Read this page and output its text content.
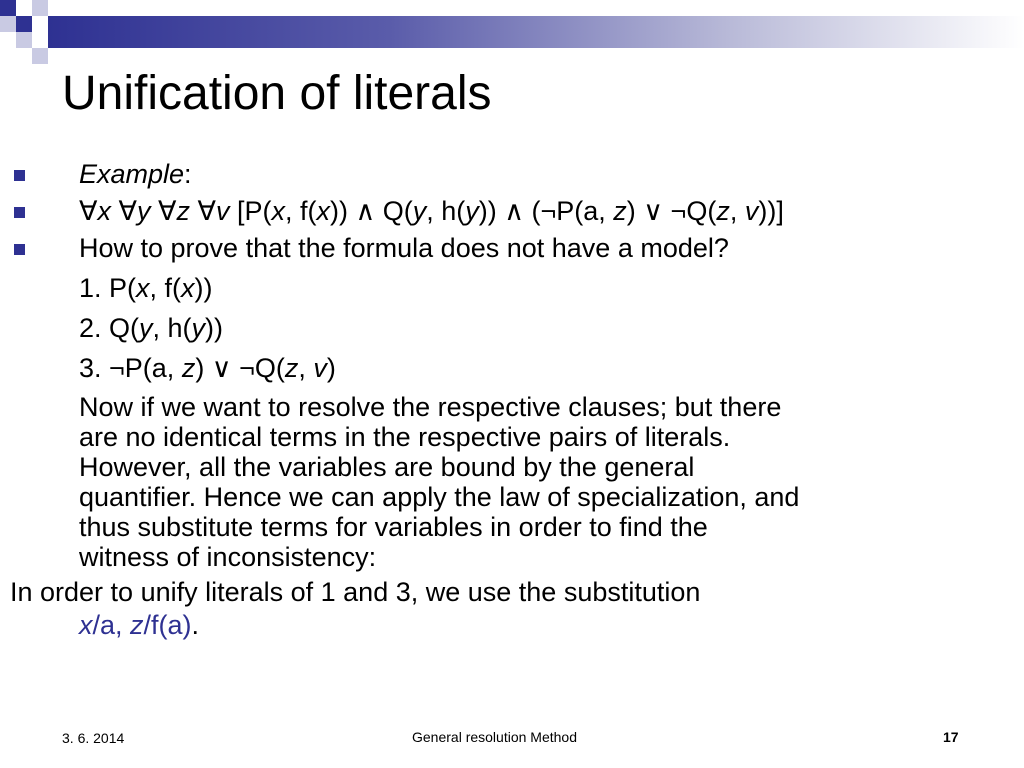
Unification of literals
Example:
∀x ∀y ∀z ∀v [P(x, f(x)) ∧ Q(y, h(y)) ∧ (¬P(a, z) ∨ ¬Q(z, v))]
How to prove that the formula does not have a model?
1. P(x, f(x))
2. Q(y, h(y))
3. ¬P(a, z) ∨ ¬Q(z, v)
Now if we want to resolve the respective clauses; but there
are no identical terms in the respective pairs of literals.
However, all the variables are bound by the general
quantifier. Hence we can apply the law of specialization, and
thus substitute terms for variables in order to find the
witness of inconsistency:
In order to unify literals of 1 and 3, we use the substitution
x/a, z/f(a).
3. 6. 2014	General resolution Method	17
